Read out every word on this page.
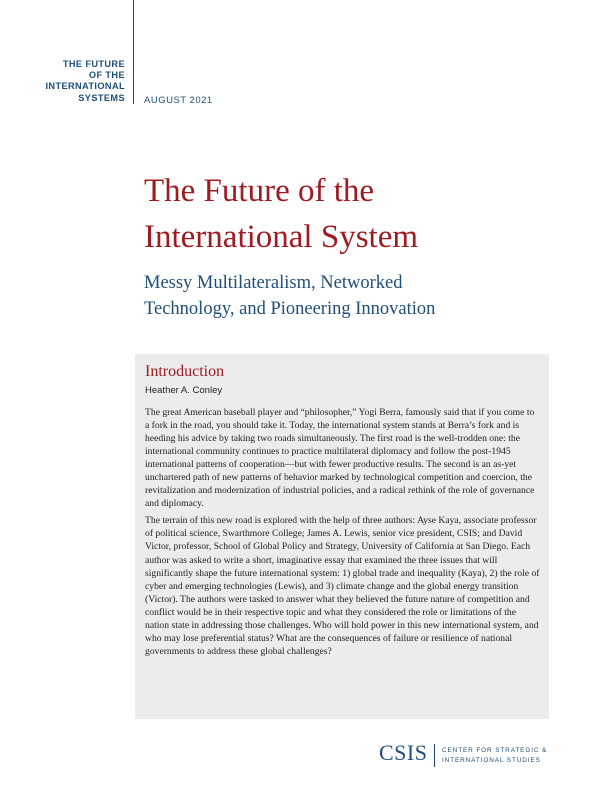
THE FUTURE
OF THE
INTERNATIONAL
SYSTEMS AUGUST 2021
The Future of the
International System
Messy Multilateralism, Networked
Technology, and Pioneering Innovation
Introduction
Heather A. Conley

The great American baseball player and “philosopher,” Yogi Berra, famously said that if you come to a fork in the road, you should take it. Today, the international system stands at Berra’s fork and is heeding his advice by taking two roads simultaneously. The first road is the well-trodden one: the international community continues to practice multilateral diplomacy and follow the post-1945 international patterns of cooperation—but with fewer productive results. The second is an as-yet unchartered path of new patterns of behavior marked by technological competition and coercion, the revitalization and modernization of industrial policies, and a radical rethink of the role of governance and diplomacy.

The terrain of this new road is explored with the help of three authors: Ayse Kaya, associate professor of political science, Swarthmore College; James A. Lewis, senior vice president, CSIS; and David Victor, professor, School of Global Policy and Strategy, University of California at San Diego. Each author was asked to write a short, imaginative essay that examined the three issues that will significantly shape the future international system: 1) global trade and inequality (Kaya), 2) the role of cyber and emerging technologies (Lewis), and 3) climate change and the global energy transition (Victor). The authors were tasked to answer what they believed the future nature of competition and conflict would be in their respective topic and what they considered the role or limitations of the nation state in addressing those challenges. Who will hold power in this new international system, and who may lose preferential status? What are the consequences of failure or resilience of national governments to address these global challenges?

CSIS CENTER FOR STRATEGIC &
INTERNATIONAL STUDIES
